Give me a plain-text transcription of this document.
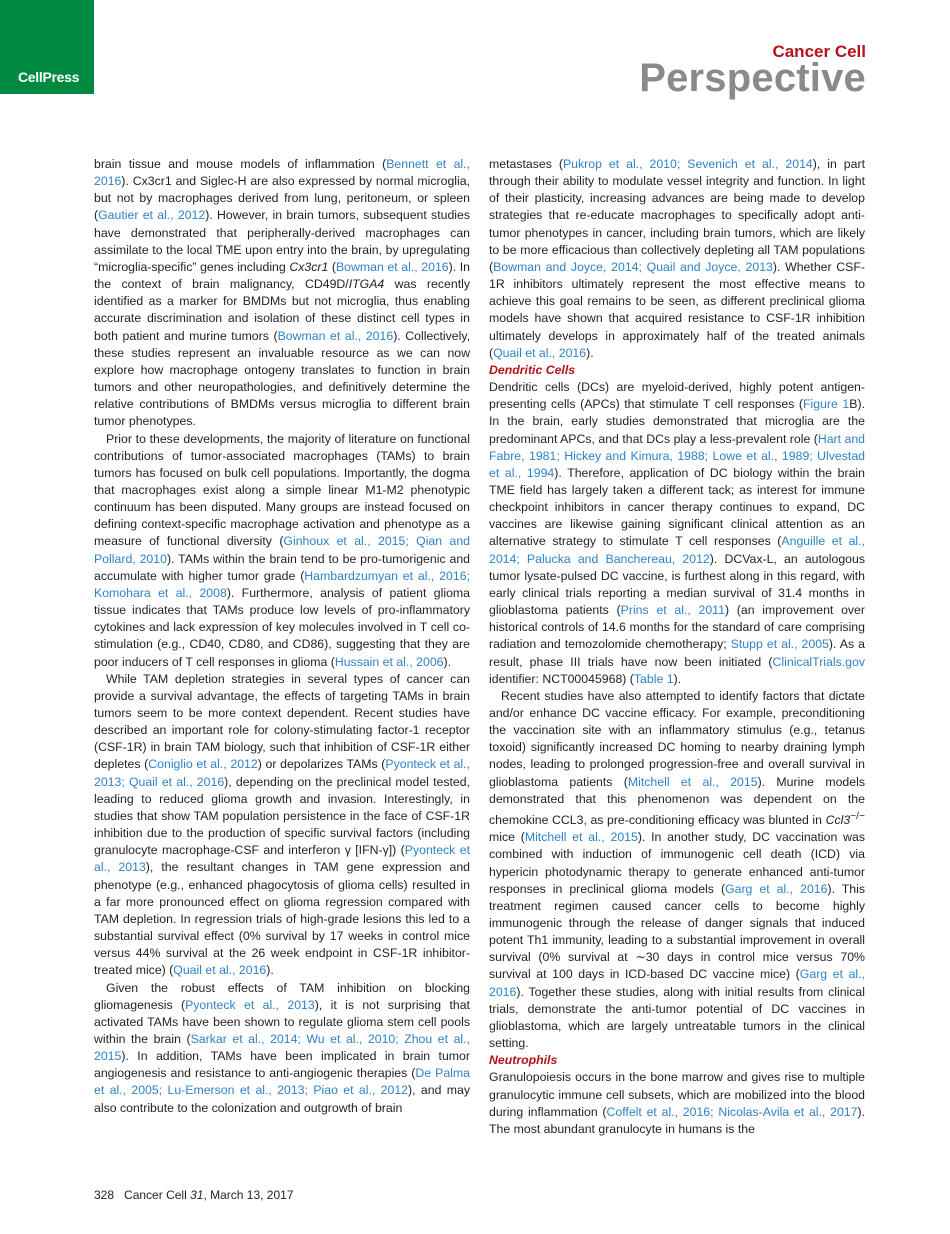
CellPress
Cancer Cell
Perspective

brain tissue and mouse models of inflammation (Bennett et al., 2016). Cx3cr1 and Siglec-H are also expressed by normal microglia, but not by macrophages derived from lung, peritoneum, or spleen (Gautier et al., 2012). However, in brain tumors, subsequent studies have demonstrated that peripherally-derived macrophages can assimilate to the local TME upon entry into the brain, by upregulating “microglia-specific” genes including Cx3cr1 (Bowman et al., 2016). In the context of brain malignancy, CD49D/ITGA4 was recently identified as a marker for BMDMs but not microglia, thus enabling accurate discrimination and isolation of these distinct cell types in both patient and murine tumors (Bowman et al., 2016). Collectively, these studies represent an invaluable resource as we can now explore how macrophage ontogeny translates to function in brain tumors and other neuropathologies, and definitively determine the relative contributions of BMDMs versus microglia to different brain tumor phenotypes.

Prior to these developments, the majority of literature on functional contributions of tumor-associated macrophages (TAMs) to brain tumors has focused on bulk cell populations. Importantly, the dogma that macrophages exist along a simple linear M1-M2 phenotypic continuum has been disputed. Many groups are instead focused on defining context-specific macrophage activation and phenotype as a measure of functional diversity (Ginhoux et al., 2015; Qian and Pollard, 2010). TAMs within the brain tend to be pro-tumorigenic and accumulate with higher tumor grade (Hambardzumyan et al., 2016; Komohara et al., 2008). Furthermore, analysis of patient glioma tissue indicates that TAMs produce low levels of pro-inflammatory cytokines and lack expression of key molecules involved in T cell co-stimulation (e.g., CD40, CD80, and CD86), suggesting that they are poor inducers of T cell responses in glioma (Hussain et al., 2006).

While TAM depletion strategies in several types of cancer can provide a survival advantage, the effects of targeting TAMs in brain tumors seem to be more context dependent. Recent studies have described an important role for colony-stimulating factor-1 receptor (CSF-1R) in brain TAM biology, such that inhibition of CSF-1R either depletes (Coniglio et al., 2012) or depolarizes TAMs (Pyonteck et al., 2013; Quail et al., 2016), depending on the preclinical model tested, leading to reduced glioma growth and invasion. Interestingly, in studies that show TAM population persistence in the face of CSF-1R inhibition due to the production of specific survival factors (including granulocyte macrophage-CSF and interferon γ [IFN-γ]) (Pyonteck et al., 2013), the resultant changes in TAM gene expression and phenotype (e.g., enhanced phagocytosis of glioma cells) resulted in a far more pronounced effect on glioma regression compared with TAM depletion. In regression trials of high-grade lesions this led to a substantial survival effect (0% survival by 17 weeks in control mice versus 44% survival at the 26 week endpoint in CSF-1R inhibitor-treated mice) (Quail et al., 2016).

Given the robust effects of TAM inhibition on blocking gliomagenesis (Pyonteck et al., 2013), it is not surprising that activated TAMs have been shown to regulate glioma stem cell pools within the brain (Sarkar et al., 2014; Wu et al., 2010; Zhou et al., 2015). In addition, TAMs have been implicated in brain tumor angiogenesis and resistance to anti-angiogenic therapies (De Palma et al., 2005; Lu-Emerson et al., 2013; Piao et al., 2012), and may also contribute to the colonization and outgrowth of brain

metastases (Pukrop et al., 2010; Sevenich et al., 2014), in part through their ability to modulate vessel integrity and function. In light of their plasticity, increasing advances are being made to develop strategies that re-educate macrophages to specifically adopt anti-tumor phenotypes in cancer, including brain tumors, which are likely to be more efficacious than collectively depleting all TAM populations (Bowman and Joyce, 2014; Quail and Joyce, 2013). Whether CSF-1R inhibitors ultimately represent the most effective means to achieve this goal remains to be seen, as different preclinical glioma models have shown that acquired resistance to CSF-1R inhibition ultimately develops in approximately half of the treated animals (Quail et al., 2016).

Dendritic Cells

Dendritic cells (DCs) are myeloid-derived, highly potent antigen-presenting cells (APCs) that stimulate T cell responses (Figure 1B). In the brain, early studies demonstrated that microglia are the predominant APCs, and that DCs play a less-prevalent role (Hart and Fabre, 1981; Hickey and Kimura, 1988; Lowe et al., 1989; Ulvestad et al., 1994). Therefore, application of DC biology within the brain TME field has largely taken a different tack; as interest for immune checkpoint inhibitors in cancer therapy continues to expand, DC vaccines are likewise gaining significant clinical attention as an alternative strategy to stimulate T cell responses (Anguille et al., 2014; Palucka and Banchereau, 2012). DCVax-L, an autologous tumor lysate-pulsed DC vaccine, is furthest along in this regard, with early clinical trials reporting a median survival of 31.4 months in glioblastoma patients (Prins et al., 2011) (an improvement over historical controls of 14.6 months for the standard of care comprising radiation and temozolomide chemotherapy; Stupp et al., 2005). As a result, phase III trials have now been initiated (ClinicalTrials.gov identifier: NCT00045968) (Table 1).

Recent studies have also attempted to identify factors that dictate and/or enhance DC vaccine efficacy. For example, preconditioning the vaccination site with an inflammatory stimulus (e.g., tetanus toxoid) significantly increased DC homing to nearby draining lymph nodes, leading to prolonged progression-free and overall survival in glioblastoma patients (Mitchell et al., 2015). Murine models demonstrated that this phenomenon was dependent on the chemokine CCL3, as pre-conditioning efficacy was blunted in Ccl3−/− mice (Mitchell et al., 2015). In another study, DC vaccination was combined with induction of immunogenic cell death (ICD) via hypericin photodynamic therapy to generate enhanced anti-tumor responses in preclinical glioma models (Garg et al., 2016). This treatment regimen caused cancer cells to become highly immunogenic through the release of danger signals that induced potent Th1 immunity, leading to a substantial improvement in overall survival (0% survival at ∼30 days in control mice versus 70% survival at 100 days in ICD-based DC vaccine mice) (Garg et al., 2016). Together these studies, along with initial results from clinical trials, demonstrate the anti-tumor potential of DC vaccines in glioblastoma, which are largely untreatable tumors in the clinical setting.

Neutrophils

Granulopoiesis occurs in the bone marrow and gives rise to multiple granulocytic immune cell subsets, which are mobilized into the blood during inflammation (Coffelt et al., 2016; Nicolas-Avila et al., 2017). The most abundant granulocyte in humans is the

328 Cancer Cell 31, March 13, 2017
